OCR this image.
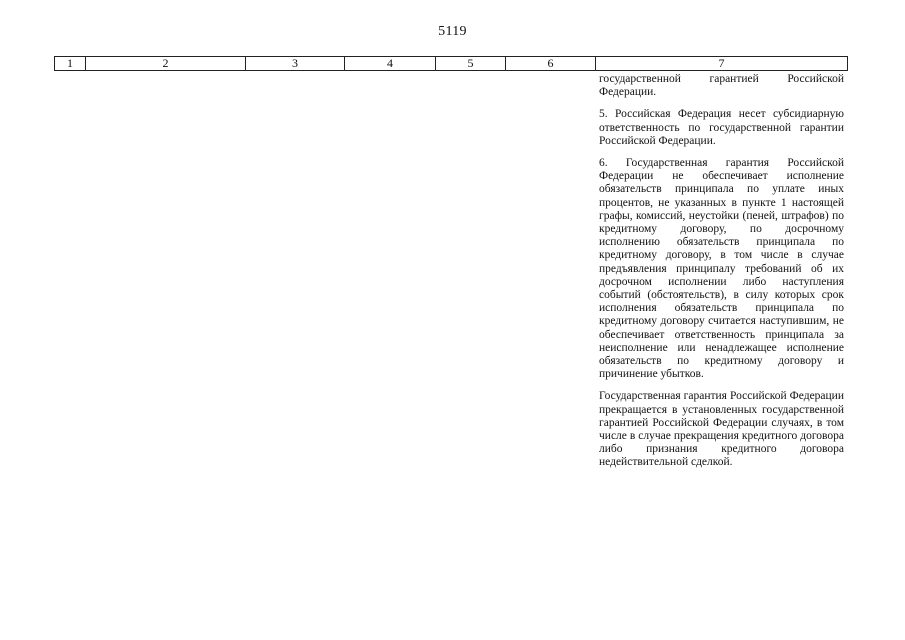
5119
1	2	3	4	5	6	7

государственной гарантией Российской Федерации.

5. Российская Федерация несет субсидиарную ответственность по государственной гарантии Российской Федерации.

6. Государственная гарантия Российской Федерации не обеспечивает исполнение обязательств принципала по уплате иных процентов, не указанных в пункте 1 настоящей графы, комиссий, неустойки (пеней, штрафов) по кредитному договору, по досрочному исполнению обязательств принципала по кредитному договору, в том числе в случае предъявления принципалу требований об их досрочном исполнении либо наступления событий (обстоятельств), в силу которых срок исполнения обязательств принципала по кредитному договору считается наступившим, не обеспечивает ответственность принципала за неисполнение или ненадлежащее исполнение обязательств по кредитному договору и причинение убытков.

Государственная гарантия Российской Федерации прекращается в установленных государственной гарантией Российской Федерации случаях, в том числе в случае прекращения кредитного договора либо признания кредитного договора недействительной сделкой.
